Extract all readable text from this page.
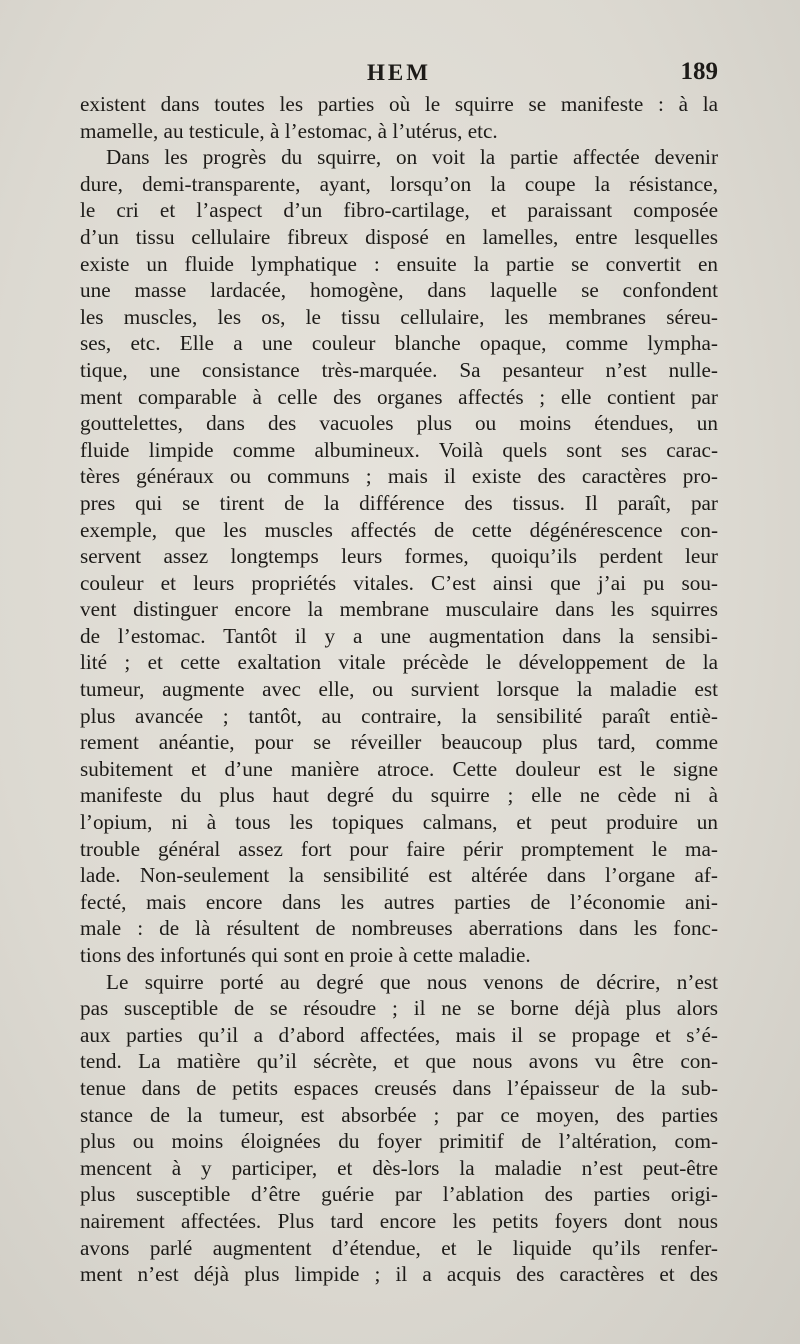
HEM	189
existent dans toutes les parties où le squirre se manifeste : à la
mamelle, au testicule, à l’estomac, à l’utérus, etc.
Dans les progrès du squirre, on voit la partie affectée devenir
dure, demi-transparente, ayant, lorsqu’on la coupe la résistance,
le cri et l’aspect d’un fibro-cartilage, et paraissant composée
d’un tissu cellulaire fibreux disposé en lamelles, entre lesquelles
existe un fluide lymphatique : ensuite la partie se convertit en
une masse lardacée, homogène, dans laquelle se confondent
les muscles, les os, le tissu cellulaire, les membranes séreu-
ses, etc. Elle a une couleur blanche opaque, comme lympha-
tique, une consistance très-marquée. Sa pesanteur n’est nulle-
ment comparable à celle des organes affectés ; elle contient par
gouttelettes, dans des vacuoles plus ou moins étendues, un
fluide limpide comme albumineux. Voilà quels sont ses carac-
tères généraux ou communs ; mais il existe des caractères pro-
pres qui se tirent de la différence des tissus. Il paraît, par
exemple, que les muscles affectés de cette dégénérescence con-
servent assez longtemps leurs formes, quoiqu’ils perdent leur
couleur et leurs propriétés vitales. C’est ainsi que j’ai pu sou-
vent distinguer encore la membrane musculaire dans les squirres
de l’estomac. Tantôt il y a une augmentation dans la sensibi-
lité ; et cette exaltation vitale précède le développement de la
tumeur, augmente avec elle, ou survient lorsque la maladie est
plus avancée ; tantôt, au contraire, la sensibilité paraît entiè-
rement anéantie, pour se réveiller beaucoup plus tard, comme
subitement et d’une manière atroce. Cette douleur est le signe
manifeste du plus haut degré du squirre ; elle ne cède ni à
l’opium, ni à tous les topiques calmans, et peut produire un
trouble général assez fort pour faire périr promptement le ma-
lade. Non-seulement la sensibilité est altérée dans l’organe af-
fecté, mais encore dans les autres parties de l’économie ani-
male : de là résultent de nombreuses aberrations dans les fonc-
tions des infortunés qui sont en proie à cette maladie.
Le squirre porté au degré que nous venons de décrire, n’est
pas susceptible de se résoudre ; il ne se borne déjà plus alors
aux parties qu’il a d’abord affectées, mais il se propage et s’é-
tend. La matière qu’il sécrète, et que nous avons vu être con-
tenue dans de petits espaces creusés dans l’épaisseur de la sub-
stance de la tumeur, est absorbée ; par ce moyen, des parties
plus ou moins éloignées du foyer primitif de l’altération, com-
mencent à y participer, et dès-lors la maladie n’est peut-être
plus susceptible d’être guérie par l’ablation des parties origi-
nairement affectées. Plus tard encore les petits foyers dont nous
avons parlé augmentent d’étendue, et le liquide qu’ils renfer-
ment n’est déjà plus limpide ; il a acquis des caractères et des
